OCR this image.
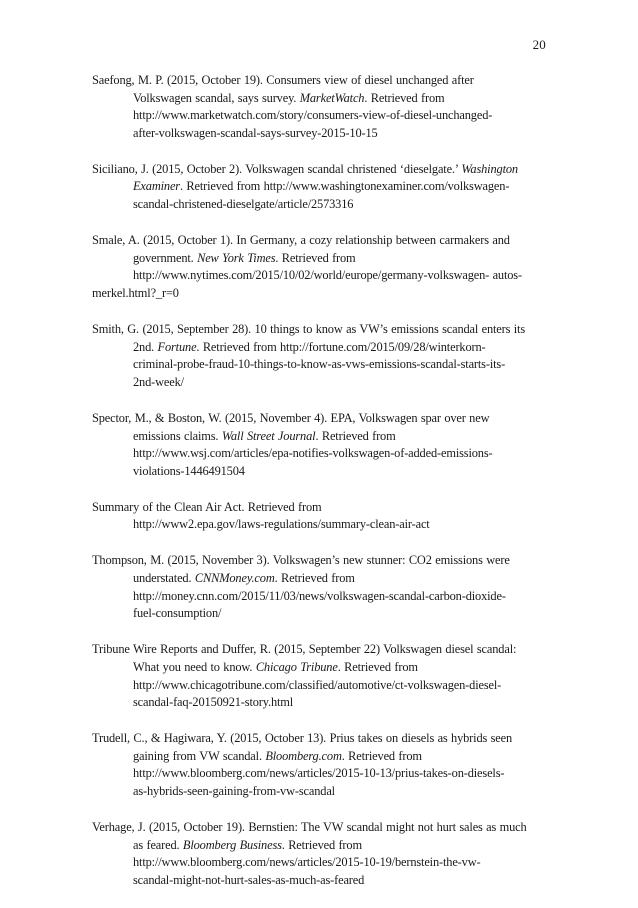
20
Saefong, M. P. (2015, October 19). Consumers view of diesel unchanged after
Volkswagen scandal, says survey. MarketWatch. Retrieved from
http://www.marketwatch.com/story/consumers-view-of-diesel-unchanged-
after-volkswagen-scandal-says-survey-2015-10-15
Siciliano, J. (2015, October 2). Volkswagen scandal christened ‘dieselgate.’ Washington
Examiner. Retrieved from http://www.washingtonexaminer.com/volkswagen-
scandal-christened-dieselgate/article/2573316
Smale, A. (2015, October 1). In Germany, a cozy relationship between carmakers and
government. New York Times. Retrieved from
http://www.nytimes.com/2015/10/02/world/europe/germany-volkswagen- autos-
merkel.html?_r=0
Smith, G. (2015, September 28). 10 things to know as VW’s emissions scandal enters its
2nd. Fortune. Retrieved from http://fortune.com/2015/09/28/winterkorn-
criminal-probe-fraud-10-things-to-know-as-vws-emissions-scandal-starts-its-
2nd-week/
Spector, M., & Boston, W. (2015, November 4). EPA, Volkswagen spar over new
emissions claims. Wall Street Journal. Retrieved from
http://www.wsj.com/articles/epa-notifies-volkswagen-of-added-emissions-
violations-1446491504
Summary of the Clean Air Act. Retrieved from
http://www2.epa.gov/laws-regulations/summary-clean-air-act
Thompson, M. (2015, November 3). Volkswagen’s new stunner: CO2 emissions were
understated. CNNMoney.com. Retrieved from
http://money.cnn.com/2015/11/03/news/volkswagen-scandal-carbon-dioxide-
fuel-consumption/
Tribune Wire Reports and Duffer, R. (2015, September 22) Volkswagen diesel scandal:
What you need to know. Chicago Tribune. Retrieved from
http://www.chicagotribune.com/classified/automotive/ct-volkswagen-diesel-
scandal-faq-20150921-story.html
Trudell, C., & Hagiwara, Y. (2015, October 13). Prius takes on diesels as hybrids seen
gaining from VW scandal. Bloomberg.com. Retrieved from
http://www.bloomberg.com/news/articles/2015-10-13/prius-takes-on-diesels-
as-hybrids-seen-gaining-from-vw-scandal
Verhage, J. (2015, October 19). Bernstien: The VW scandal might not hurt sales as much
as feared. Bloomberg Business. Retrieved from
http://www.bloomberg.com/news/articles/2015-10-19/bernstein-the-vw-
scandal-might-not-hurt-sales-as-much-as-feared
